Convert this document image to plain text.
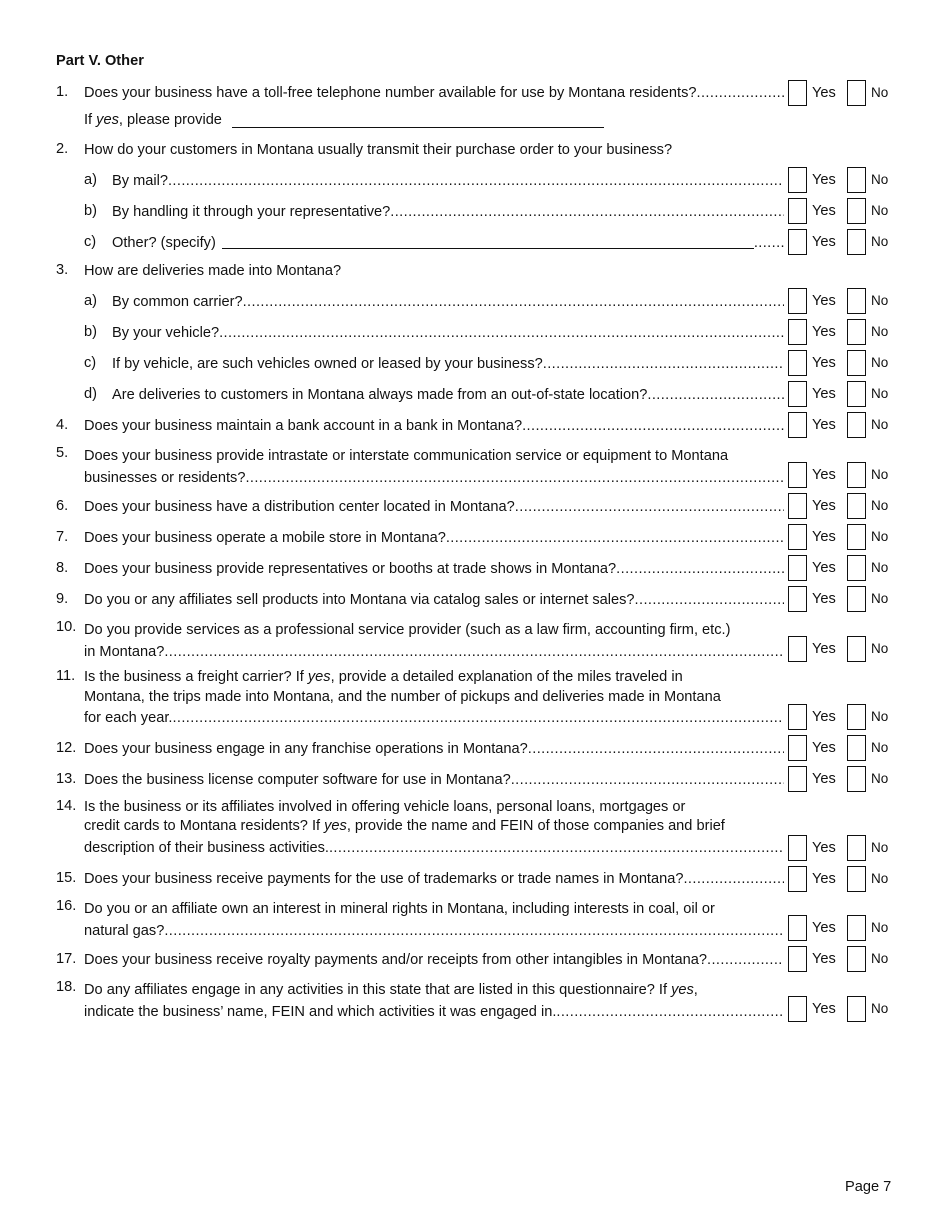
Part V. Other
1. Does your business have a toll-free telephone number available for use by Montana residents? .....	Yes	No
If yes, please provide
2. How do your customers in Montana usually transmit their purchase order to your business?
a) By mail? .....	Yes	No
b) By handling it through your representative? .....	Yes	No
c) Other? (specify) .....	Yes	No
3. How are deliveries made into Montana?
a) By common carrier? .....	Yes	No
b) By your vehicle? .....	Yes	No
c) If by vehicle, are such vehicles owned or leased by your business? .....	Yes	No
d) Are deliveries to customers in Montana always made from an out-of-state location? .....	Yes	No
4. Does your business maintain a bank account in a bank in Montana? .....	Yes	No
5. Does your business provide intrastate or interstate communication service or equipment to Montana
businesses or residents? .....	Yes	No
6. Does your business have a distribution center located in Montana? .....	Yes	No
7. Does your business operate a mobile store in Montana? .....	Yes	No
8. Does your business provide representatives or booths at trade shows in Montana? .....	Yes	No
9. Do you or any affiliates sell products into Montana via catalog sales or internet sales? .....	Yes	No
10. Do you provide services as a professional service provider (such as a law firm, accounting firm, etc.)
in Montana? .....	Yes	No
11. Is the business a freight carrier? If yes, provide a detailed explanation of the miles traveled in
Montana, the trips made into Montana, and the number of pickups and deliveries made in Montana
for each year. .....	Yes	No
12. Does your business engage in any franchise operations in Montana? .....	Yes	No
13. Does the business license computer software for use in Montana? .....	Yes	No
14. Is the business or its affiliates involved in offering vehicle loans, personal loans, mortgages or
credit cards to Montana residents? If yes, provide the name and FEIN of those companies and brief
description of their business activities. .....	Yes	No
15. Does your business receive payments for the use of trademarks or trade names in Montana? .....	Yes	No
16. Do you or an affiliate own an interest in mineral rights in Montana, including interests in coal, oil or
natural gas? .....	Yes	No
17. Does your business receive royalty payments and/or receipts from other intangibles in Montana? .....	Yes	No
18. Do any affiliates engage in any activities in this state that are listed in this questionnaire? If yes,
indicate the business’ name, FEIN and which activities it was engaged in. .....	Yes	No
Page 7
